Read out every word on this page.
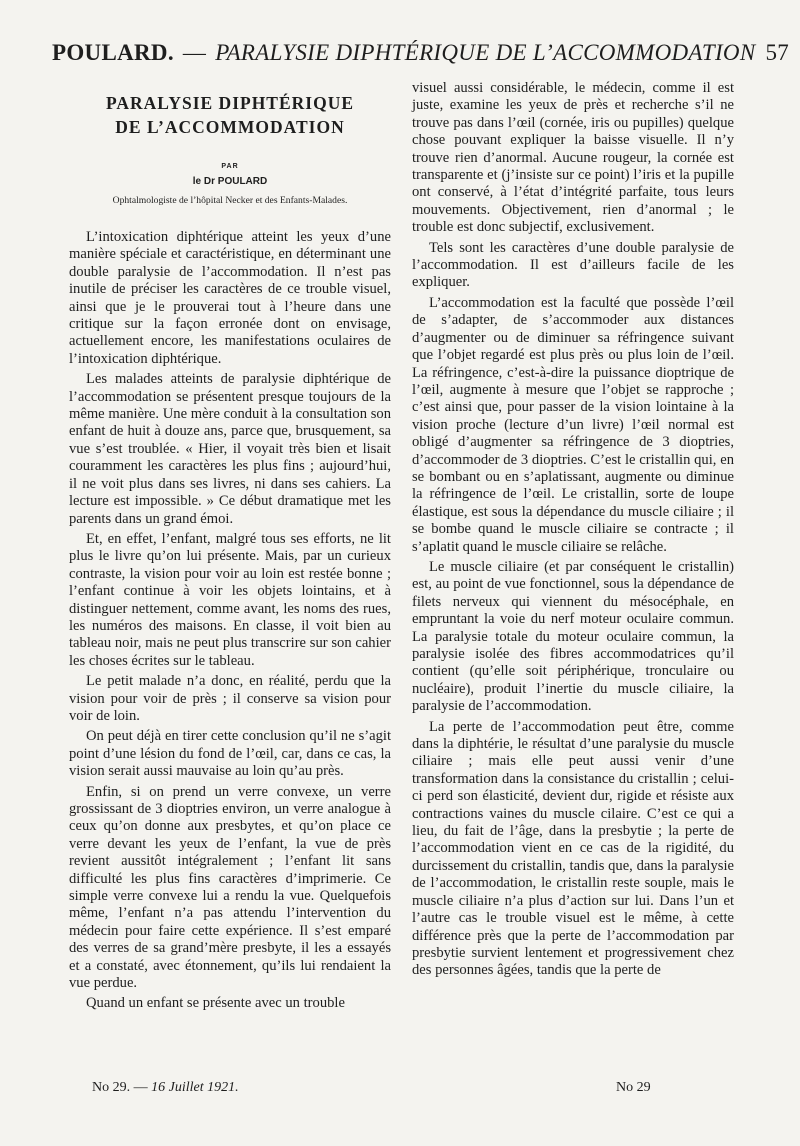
POULARD. — PARALYSIE DIPHTÉRIQUE DE L’ACCOMMODATION 57
PARALYSIE DIPHTÉRIQUE
DE L’ACCOMMODATION
PAR
le Dr POULARD
Ophtalmologiste de l’hôpital Necker et des Enfants-Malades.

L’intoxication diphtérique atteint les yeux d’une manière spéciale et caractéristique, en déterminant une double paralysie de l’accommodation. Il n’est pas inutile de préciser les caractères de ce trouble visuel, ainsi que je le prouverai tout à l’heure dans une critique sur la façon erronée dont on envisage, actuellement encore, les manifestations oculaires de l’intoxication diphtérique.

Les malades atteints de paralysie diphtérique de l’accommodation se présentent presque toujours de la même manière. Une mère conduit à la consultation son enfant de huit à douze ans, parce que, brusquement, sa vue s’est troublée. « Hier, il voyait très bien et lisait couramment les caractères les plus fins ; aujourd’hui, il ne voit plus dans ses livres, ni dans ses cahiers. La lecture est impossible. » Ce début dramatique met les parents dans un grand émoi.

Et, en effet, l’enfant, malgré tous ses efforts, ne lit plus le livre qu’on lui présente. Mais, par un curieux contraste, la vision pour voir au loin est restée bonne ; l’enfant continue à voir les objets lointains, et à distinguer nettement, comme avant, les noms des rues, les numéros des maisons. En classe, il voit bien au tableau noir, mais ne peut plus transcrire sur son cahier les choses écrites sur le tableau.

Le petit malade n’a donc, en réalité, perdu que la vision pour voir de près ; il conserve sa vision pour voir de loin.

On peut déjà en tirer cette conclusion qu’il ne s’agit point d’une lésion du fond de l’œil, car, dans ce cas, la vision serait aussi mauvaise au loin qu’au près.

Enfin, si on prend un verre convexe, un verre grossissant de 3 dioptries environ, un verre analogue à ceux qu’on donne aux presbytes, et qu’on place ce verre devant les yeux de l’enfant, la vue de près revient aussitôt intégralement ; l’enfant lit sans difficulté les plus fins caractères d’imprimerie. Ce simple verre convexe lui a rendu la vue. Quelquefois même, l’enfant n’a pas attendu l’intervention du médecin pour faire cette expérience. Il s’est emparé des verres de sa grand’mère presbyte, il les a essayés et a constaté, avec étonnement, qu’ils lui rendaient la vue perdue.

Quand un enfant se présente avec un trouble

visuel aussi considérable, le médecin, comme il est juste, examine les yeux de près et recherche s’il ne trouve pas dans l’œil (cornée, iris ou pupilles) quelque chose pouvant expliquer la baisse visuelle. Il n’y trouve rien d’anormal. Aucune rougeur, la cornée est transparente et (j’insiste sur ce point) l’iris et la pupille ont conservé, à l’état d’intégrité parfaite, tous leurs mouvements. Objectivement, rien d’anormal ; le trouble est donc subjectif, exclusivement.

Tels sont les caractères d’une double paralysie de l’accommodation. Il est d’ailleurs facile de les expliquer.

L’accommodation est la faculté que possède l’œil de s’adapter, de s’accommoder aux distances d’augmenter ou de diminuer sa réfringence suivant que l’objet regardé est plus près ou plus loin de l’œil. La réfringence, c’est-à-dire la puissance dioptrique de l’œil, augmente à mesure que l’objet se rapproche ; c’est ainsi que, pour passer de la vision lointaine à la vision proche (lecture d’un livre) l’œil normal est obligé d’augmenter sa réfringence de 3 dioptries, d’accommoder de 3 dioptries. C’est le cristallin qui, en se bombant ou en s’aplatissant, augmente ou diminue la réfringence de l’œil. Le cristallin, sorte de loupe élastique, est sous la dépendance du muscle ciliaire ; il se bombe quand le muscle ciliaire se contracte ; il s’aplatit quand le muscle ciliaire se relâche.

Le muscle ciliaire (et par conséquent le cristallin) est, au point de vue fonctionnel, sous la dépendance de filets nerveux qui viennent du mésocéphale, en empruntant la voie du nerf moteur oculaire commun. La paralysie totale du moteur oculaire commun, la paralysie isolée des fibres accommodatrices qu’il contient (qu’elle soit périphérique, tronculaire ou nucléaire), produit l’inertie du muscle ciliaire, la paralysie de l’accommodation.

La perte de l’accommodation peut être, comme dans la diphtérie, le résultat d’une paralysie du muscle ciliaire ; mais elle peut aussi venir d’une transformation dans la consistance du cristallin ; celui-ci perd son élasticité, devient dur, rigide et résiste aux contractions vaines du muscle cilaire. C’est ce qui a lieu, du fait de l’âge, dans la presbytie ; la perte de l’accommodation vient en ce cas de la rigidité, du durcissement du cristallin, tandis que, dans la paralysie de l’accommodation, le cristallin reste souple, mais le muscle ciliaire n’a plus d’action sur lui. Dans l’un et l’autre cas le trouble visuel est le même, à cette différence près que la perte de l’accommodation par presbytie survient lentement et progressivement chez des personnes âgées, tandis que la perte de

No 29. — 16 Juillet 1921.	No 29
